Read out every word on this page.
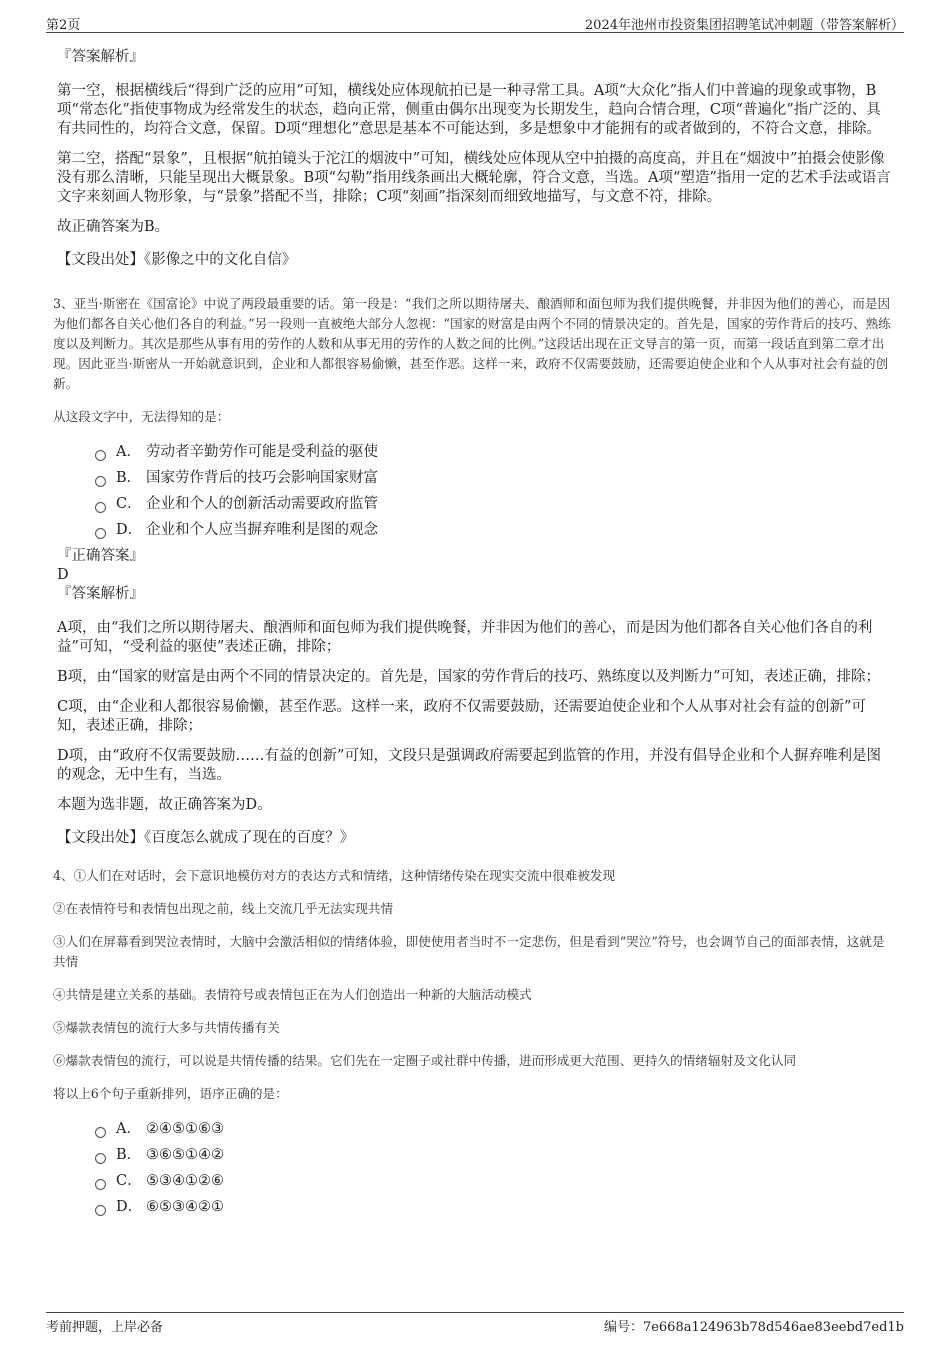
第2页	2024年池州市投资集团招聘笔试冲刺题（带答案解析）

『答案解析』

第一空，根据横线后“得到广泛的应用”可知，横线处应体现航拍已是一种寻常工具。A项“大众化”指人们中普遍的现象或事物，B项“常态化”指使事物成为经常发生的状态，趋向正常，侧重由偶尔出现变为长期发生，趋向合情合理，C项“普遍化”指广泛的、具有共同性的，均符合文意，保留。D项“理想化”意思是基本不可能达到，多是想象中才能拥有的或者做到的，不符合文意，排除。

第二空，搭配“景象”，且根据“航拍镜头于沱江的烟波中”可知，横线处应体现从空中拍摄的高度高，并且在“烟波中”拍摄会使影像没有那么清晰，只能呈现出大概景象。B项“勾勒”指用线条画出大概轮廓，符合文意，当选。A项“塑造”指用一定的艺术手法或语言文字来刻画人物形象，与“景象”搭配不当，排除；C项“刻画”指深刻而细致地描写，与文意不符，排除。

故正确答案为B。

【文段出处】《影像之中的文化自信》

3、亚当·斯密在《国富论》中说了两段最重要的话。第一段是：“我们之所以期待屠夫、酿酒师和面包师为我们提供晚餐，并非因为他们的善心，而是因为他们都各自关心他们各自的利益。”另一段则一直被绝大部分人忽视：“国家的财富是由两个不同的情景决定的。首先是，国家的劳作背后的技巧、熟练度以及判断力。其次是那些从事有用的劳作的人数和从事无用的劳作的人数之间的比例。”这段话出现在正文导言的第一页，而第一段话直到第二章才出现。因此亚当·斯密从一开始就意识到，企业和人都很容易偷懒，甚至作恶。这样一来，政府不仅需要鼓励，还需要迫使企业和个人从事对社会有益的创新。

从这段文字中，无法得知的是：

A． 劳动者辛勤劳作可能是受利益的驱使
B． 国家劳作背后的技巧会影响国家财富
C． 企业和个人的创新活动需要政府监管
D． 企业和个人应当摒弃唯利是图的观念

『正确答案』

D

『答案解析』

A项，由“我们之所以期待屠夫、酿酒师和面包师为我们提供晚餐，并非因为他们的善心，而是因为他们都各自关心他们各自的利益”可知，“受利益的驱使”表述正确，排除；

B项，由“国家的财富是由两个不同的情景决定的。首先是，国家的劳作背后的技巧、熟练度以及判断力”可知，表述正确，排除；

C项，由“企业和人都很容易偷懒，甚至作恶。这样一来，政府不仅需要鼓励，还需要迫使企业和个人从事对社会有益的创新”可知，表述正确，排除；

D项，由“政府不仅需要鼓励……有益的创新”可知，文段只是强调政府需要起到监管的作用，并没有倡导企业和个人摒弃唯利是图的观念，无中生有，当选。

本题为选非题，故正确答案为D。

【文段出处】《百度怎么就成了现在的百度？》

4、①人们在对话时，会下意识地模仿对方的表达方式和情绪，这种情绪传染在现实交流中很难被发现

②在表情符号和表情包出现之前，线上交流几乎无法实现共情

③人们在屏幕看到哭泣表情时，大脑中会激活相似的情绪体验，即使使用者当时不一定悲伤，但是看到“哭泣”符号，也会调节自己的面部表情，这就是共情

④共情是建立关系的基础。表情符号或表情包正在为人们创造出一种新的大脑活动模式

⑤爆款表情包的流行大多与共情传播有关

⑥爆款表情包的流行，可以说是共情传播的结果。它们先在一定圈子或社群中传播，进而形成更大范围、更持久的情绪辐射及文化认同

将以上6个句子重新排列，语序正确的是：

A． ②④⑤①⑥③
B． ③⑥⑤①④②
C． ⑤③④①②⑥
D． ⑥⑤③④②①
考前押题，上岸必备	编号：7e668a124963b78d546ae83eebd7ed1b
